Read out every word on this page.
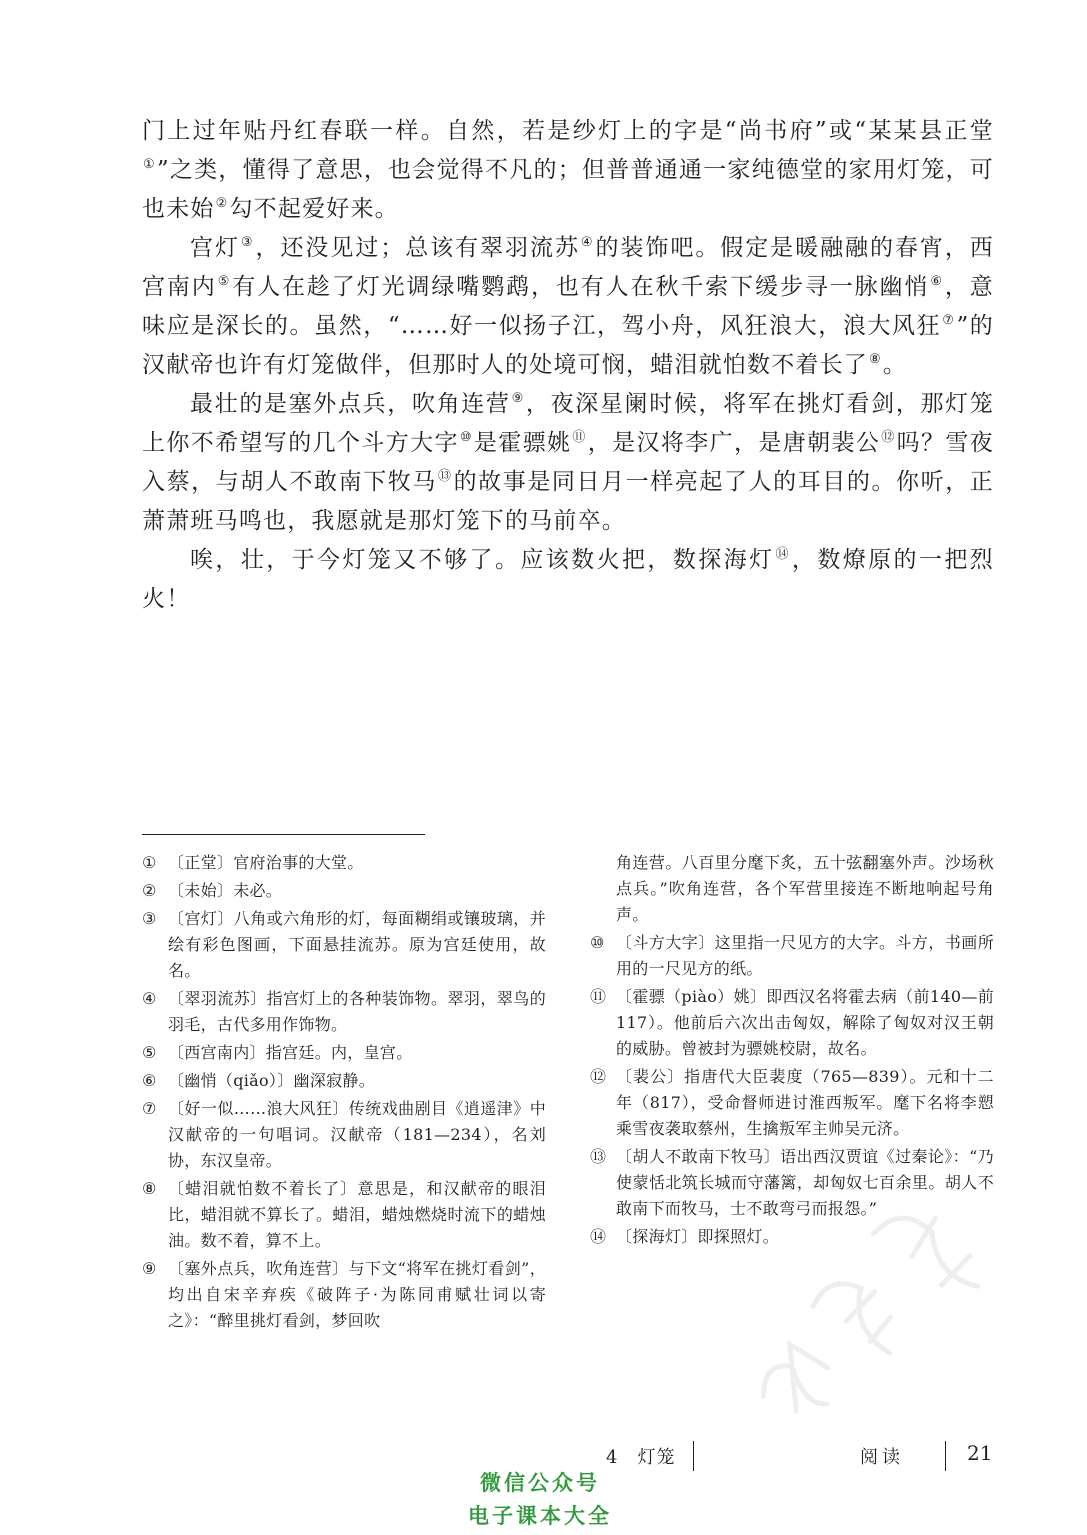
门上过年贴丹红春联一样。自然，若是纱灯上的字是“尚书府”或“某某县正堂①”之类，懂得了意思，也会觉得不凡的；但普普通通一家纯德堂的家用灯笼，可也未始②勾不起爱好来。

宫灯③，还没见过；总该有翠羽流苏④的装饰吧。假定是暖融融的春宵，西宫南内⑤有人在趁了灯光调绿嘴鹦鹉，也有人在秋千索下缓步寻一脉幽悄⑥，意味应是深长的。虽然，“……好一似扬子江，驾小舟，风狂浪大，浪大风狂⑦”的汉献帝也许有灯笼做伴，但那时人的处境可悯，蜡泪就怕数不着长了⑧。

最壮的是塞外点兵，吹角连营⑨，夜深星阑时候，将军在挑灯看剑，那灯笼上你不希望写的几个斗方大字⑩是霍骠姚⑪，是汉将李广，是唐朝裴公⑫吗？雪夜入蔡，与胡人不敢南下牧马⑬的故事是同日月一样亮起了人的耳目的。你听，正萧萧班马鸣也，我愿就是那灯笼下的马前卒。

唉，壮，于今灯笼又不够了。应该数火把，数探海灯⑭，数燎原的一把烈火！

① 〔正堂〕官府治事的大堂。
② 〔未始〕未必。
③ 〔宫灯〕八角或六角形的灯，每面糊绢或镶玻璃，并绘有彩色图画，下面悬挂流苏。原为宫廷使用，故名。
④ 〔翠羽流苏〕指宫灯上的各种装饰物。翠羽，翠鸟的羽毛，古代多用作饰物。
⑤ 〔西宫南内〕指宫廷。内，皇宫。
⑥ 〔幽悄（qiǎo）〕幽深寂静。
⑦ 〔好一似……浪大风狂〕传统戏曲剧目《逍遥津》中汉献帝的一句唱词。汉献帝（181—234），名刘协，东汉皇帝。
⑧ 〔蜡泪就怕数不着长了〕意思是，和汉献帝的眼泪比，蜡泪就不算长了。蜡泪，蜡烛燃烧时流下的蜡烛油。数不着，算不上。
⑨ 〔塞外点兵，吹角连营〕与下文“将军在挑灯看剑”，均出自宋辛弃疾《破阵子·为陈同甫赋壮词以寄之》：“醉里挑灯看剑，梦回吹
角连营。八百里分麾下炙，五十弦翻塞外声。沙场秋点兵。”吹角连营，各个军营里接连不断地响起号角声。
⑩ 〔斗方大字〕这里指一尺见方的大字。斗方，书画所用的一尺见方的纸。
⑪ 〔霍骠（piào）姚〕即西汉名将霍去病（前140—前117）。他前后六次出击匈奴，解除了匈奴对汉王朝的威胁。曾被封为骠姚校尉，故名。
⑫ 〔裴公〕指唐代大臣裴度（765—839）。元和十二年（817），受命督师进讨淮西叛军。麾下名将李愬乘雪夜袭取蔡州，生擒叛军主帅吴元济。
⑬ 〔胡人不敢南下牧马〕语出西汉贾谊《过秦论》：“乃使蒙恬北筑长城而守藩篱，却匈奴七百余里。胡人不敢南下而牧马，士不敢弯弓而报怨。”
⑭ 〔探海灯〕即探照灯。
4　灯笼	阅读	21
微信公众号
电子课本大全
